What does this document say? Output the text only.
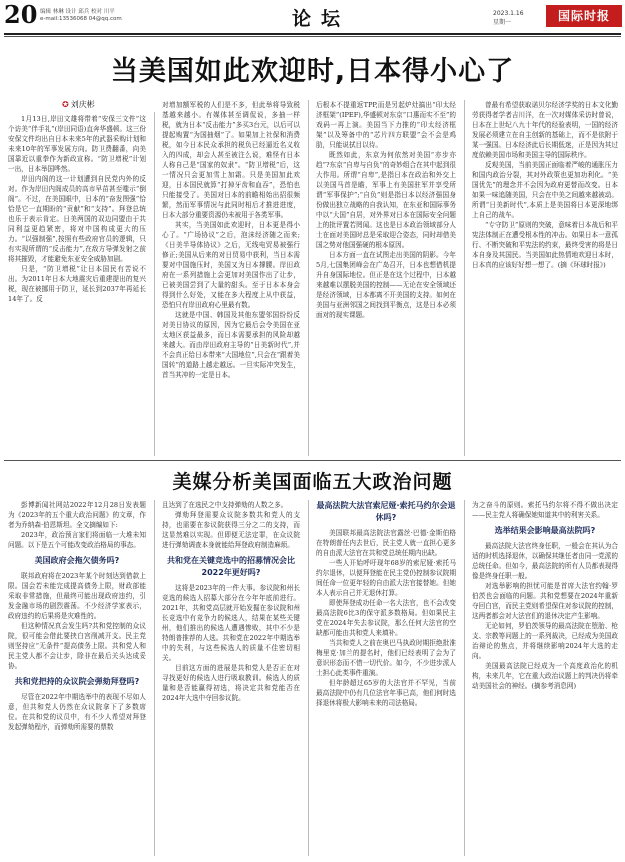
20 编辑 林琳 设计 邱兵 校对 川平
e-mail:13536068 04@qq.com	论坛	2023.1.16
星期一	国际时报
当美国如此欢迎时,日本得小心了
✪ 刘庆彬

1月13日,岸田文雄将带着“安保三文件”这个访美“伴手礼”(岸田同语)直奔华盛顿。这三份安保文件均出自日本未来5年的武器采购计划和未来10年的军事发展方向。防卫费翻番，向美国靠近以重拳作为新政宣称。“防卫增税”计划一出，日本举国哗然。

岸田内阁的这一计划遭到自民党内外的反对。作为岸田内阁成员的高市早苗甚至嗤示“倒阁”。不过，在美国眼中，日本的“奋发图强”恰恰是它一直期盼的“贡献”和“支持”。拜登总统也乐于表示肯定。日美两国的双边同盟由于共同利益更趋紧密，将对中国构成更大的压力。“以强制强”,按照有些政府官员的逻辑，只有实现所谓的“反击能力”,在敌方导弹发射之前将其摧毁，才能避免东亚安全威胁加剧。

只是，“防卫增税”让日本国民有苦说不出。为2011年日本大地震灾后重建提出的复兴税，现在被挪用于防卫，延长到2037年再延长14年了。反

对增加额军税的人们是不多，但此举将导致税基越来越小。有媒体甚至调侃说，多抽一样税，就为日本“反击能力”多买3台元，以后可以提起购置“为国抽烟”了。如果加上社保和消费税，如今日本民众承担的税负已经逼近名义收入的四成，却会人甚至被注么说，难怪有日本人称自己是“国家的奴隶”。“防卫增税”后，这一情况只会更加雪上加霜。只是美国加此欢迎，日本国民就算“打掉牙齿和血吞”，恐怕也只能接受了。美国对日本的前瞻相始出招很频繁，然而军事情况与此同时相后才推进进度，日本大部分重要资源仍未被用于各类军事。

其实，当美国如此欢迎时，日本更是得小心了。“广场协议”之后，泡沫经济随之而来;《日美半导体协议》之后，无线电贸易被强行修正;美国从后来的对日贸易中获利，当日本需要对中国施压时，美国又为日本撑腰。岸田政府在一系列措施上会更加对美国作出了让步，已被美国尝到了大量的甜头。至于日本本身会得到什么好处，又能在多大程度上从中获益，恐怕只有岸田政府心里最有数。

这就是中国、韩国及其他东盟邻国纷纷反对美日协议的原因，因为它最后会令美国在亚太地区获益最多，而日本需要承担的风险却越来越大。而由岸田政府主导的“日美新时代”,并不会真正给日本带来“大国地位”,只会在“跟着美国转”的道路上越走越远。一旦实际冲突发生，首当其冲的一定是日本。

后根本不提重返TPP,而是另起炉灶搞出“印太经济框架”(IPEF),华盛顿对东京“口惠而实不至”的戏码一再上演。美国当下力推的“印太经济框架”以及筹备中的“芯片四方联盟”会不会是鸡肋，只能说拭目以待。

既然如此，东京为何依然对美国“亦步亦趋”?东京“自卑与自负”的奇妙组合在其中起到很大作用。所谓“自卑”,是指日本在政治和外交上以美国马首是瞻，军事上有美国驻军并享受所谓“军事保护”;“自负”则是指日本以经济强国身份做出独立战略的自我认知，在东亚和国际事务中以“大国”自居，对外界对日本在国际安全问题上的批评置若罔闻。这也是日本政治领域部分人士在面对美国时总是采取迎合姿态，同时却借美国之势对他国强硬的根本原因。

日本方面一直在试图走出美国的阴影。今年5月,七国集团峰会在广岛召开，日本也想借机提升自身国际地位。但正是在这个过程中，日本越来越难以摆脱美国的控制——无论在安全领域还是经济领域，日本都离不开美国的支持。如何在美国与亚洲邻国之间找到平衡点，这是日本必须面对的现实课题。

曾最有希望获取诺贝尔经济学奖的日本文化勤劳获得者学者吉川洋，在一次对媒体采访时曾说，日本在上世纪八九十年代的经验表明，一国的经济发展必须建立在自主创新的基础上，而不是依附于某一强国。日本经济此后长期低迷，正是因为其过度依赖美国市场和美国主导的国际秩序。

反观美国，当前美国正面临着严峻的通胀压力和国内政治分裂，其对外政策也更加功利化。“美国优先”的理念并不会因为政府更替而改变。日本如果一味追随美国，只会在中美之间越来越被动。所谓“日美新时代”,本质上是美国将日本更深地绑上自己的战车。

“专守防卫”原则的突破，意味着日本战后和平宪法体制正在遭受根本性的冲击。如果日本一意孤行、不断突破和平宪法的约束，最终受害的将是日本自身及其国民。当美国如此热情地欢迎日本时，日本真的应该好好想一想了。(摘《环球时报》)

美媒分析美国面临五大政治问题

彭博新闻社网站2022年12月28日发表题为《2023年的五个重大政治问题》的文章，作者为乔纳森·伯恩斯坦。全文摘编如下:

2023年，政治预言家们将面临一大堆未知问题。以下是五个可能改变政治格局的事态。

美国政府会拖欠债务吗?

联邦政府将在2023年某个时刻达到借款上限。国会若未能完成提高债务上限，财政部能采取非常措施，但最终可能出现政府违约，引发金融市场的剧烈震荡。不少经济学家表示，政府违约的后果将是灾难性的。

但这种情况真会发生吗?共和党控制的众议院，很可能会借此要挟白宫削减开支。民主党则坚持应“无条件”提高债务上限。共和党人和民主党人都不会让步，除非在最后关头达成妥协。

共和党把持的众议院会弹劾拜登吗?

尽管在2022年中期选举中的表现不尽如人意，但共和党人仍然在众议院拿下了多数席位。在共和党的议员中，有不少人希望对拜登发起弹劾程序，而弹劾所需要的票数

且达到了在选民之中支持弹劾的人数之多。

弹劾拜登需要众议院多数共和党人的支持，也需要在参议院获得三分之二的支持，而这显然难以实现。但即便无法定罪，在众议院进行弹劾调查本身就能给拜登政府制造麻烦。

共和党在关键竞选中的招募情况会比2022年更好吗?

这将是2023年的一件大事。参议院和州长竞选的候选人招募大部分在今年年底前进行。2021年，共和党高层就开始发掘在参议院和州长竞选中有竞争力的候选人，结果在某些关键州，他们推出的候选人遭遇惨败，其中不少是特朗普推荐的人选。共和党在2022年中期选举中的失利，与这些候选人的质量不佳密切相关。

目前这方面的进展是共和党人是否正在对寻找更好的候选人进行吸取教训。候选人的质量和是否能赢得初选，将决定共和党能否在2024年大选中夺回参议院。

最高法院大法官索尼娅·索托马约尔会退休吗?

美国联邦最高法院法官露丝·巴德·金斯伯格在特朗普任内去世后，民主党人就一直担心更多的自由派大法官在共和党总统任期内出缺。

一些人开始呼吁现年68岁的索尼娅·索托马约尔退休，以便拜登能在民主党仍控制参议院期间任命一位更年轻的自由派大法官接替她。但她本人表示自己并无退休打算。

即使拜登成功任命一名大法官，也不会改变最高法院6比3的保守派多数格局。但如果民主党在2024年失去参议院，那么任何大法官的空缺都可能由共和党人来填补。

当共和党人之前在奥巴马执政时期拒绝批准梅里克·加兰的提名时，他们已经表明了会为了意识形态而不惜一切代价。如今，不少进步派人士担心此类事件重演。

但年龄超过65岁的大法官并不罕见，当前最高法院中仍有几位法官年事已高，他们何时选择退休将极大影响未来的司法格局。

为之奋斗的原则。索托马约尔将不得不做出决定——民主党人将确保她知道其中的利害关系。

选举结果会影响最高法院吗?

最高法院大法官终身任职，一般会在其认为合适的时机选择退休，以确保其继任者由同一党派的总统任命。但如今，最高法院的所有人员都表现得像是终身任职一般。

对选举影响的担忧可能是首席大法官约翰·罗伯茨也会面临的问题。共和党想要在2024年重新夺回白宫，而民主党则希望保住对参议院的控制，这两者都会对大法官们的退休决定产生影响。

无论如何，罗伯茨领导的最高法院在堕胎、枪支、宗教等问题上的一系列裁决，已经成为美国政治辩论的焦点，并将继续影响2024年大选的走向。

美国最高法院已经成为一个高度政治化的机构，未来几年，它在重大政治议题上的判决仍将牵动美国社会的神经。(摘参考消息网)
